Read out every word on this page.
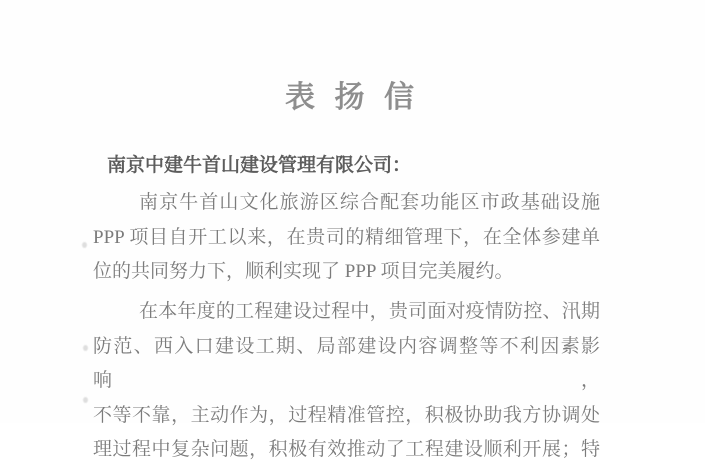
表 扬 信

南京中建牛首山建设管理有限公司：

南京牛首山文化旅游区综合配套功能区市政基础设施
PPP 项目自开工以来，在贵司的精细管理下，在全体参建单
位的共同努力下，顺利实现了 PPP 项目完美履约。
在本年度的工程建设过程中，贵司面对疫情防控、汛期
防范、西入口建设工期、局部建设内容调整等不利因素影响，
不等不靠，主动作为，过程精准管控，积极协助我方协调处
理过程中复杂问题，积极有效推动了工程建设顺利开展；特
